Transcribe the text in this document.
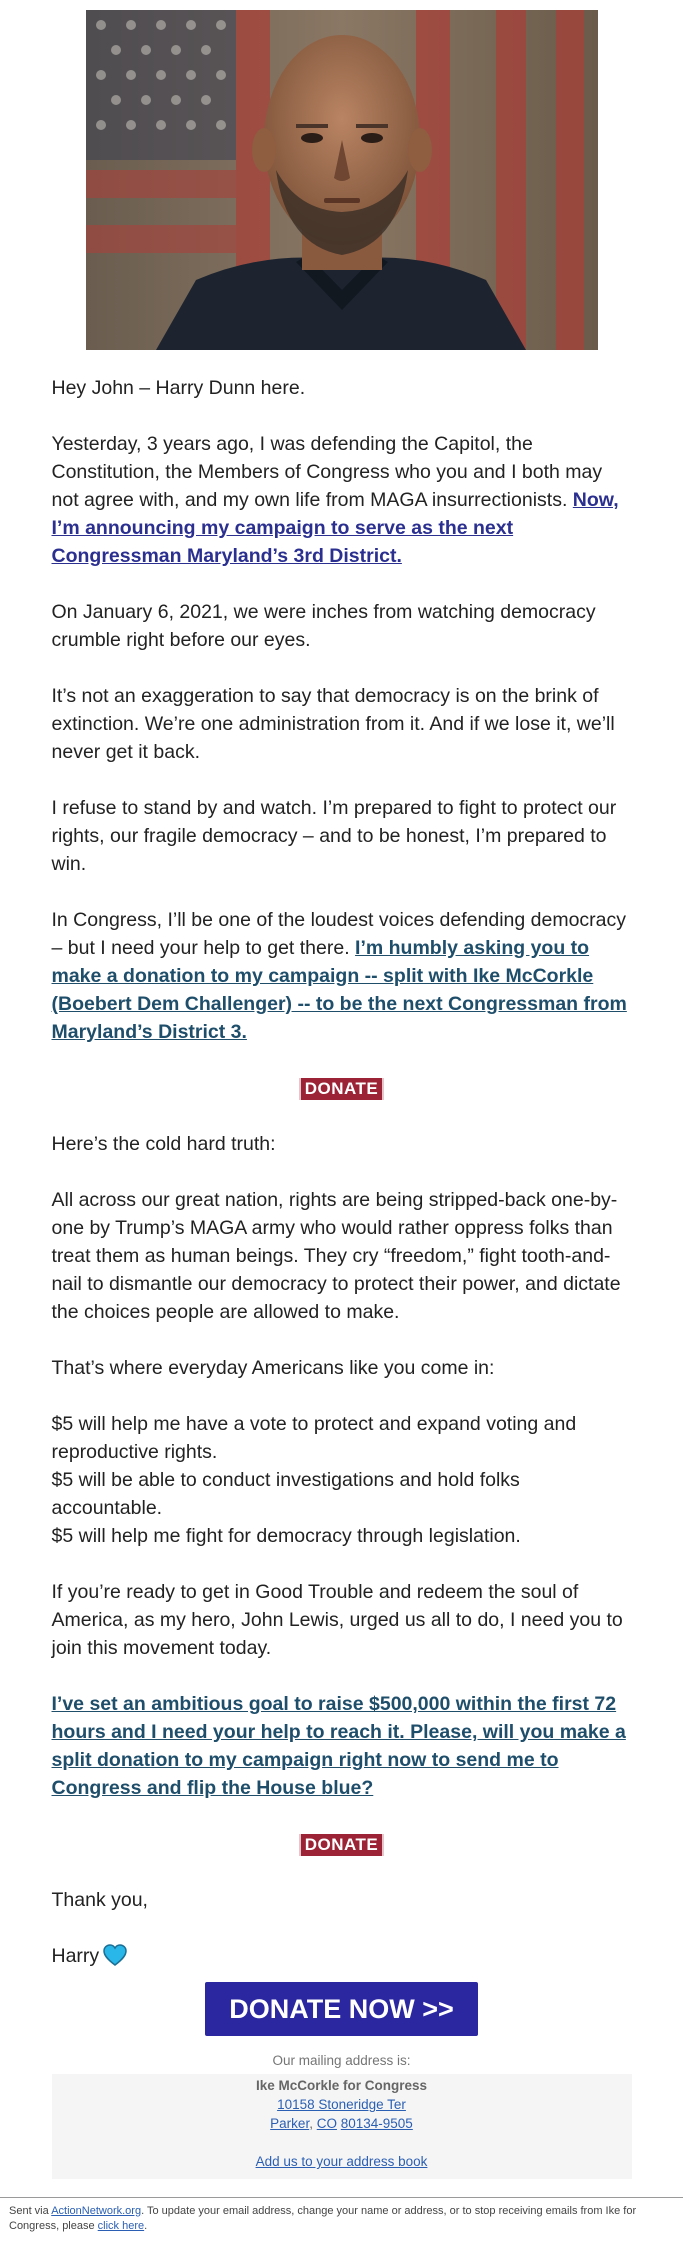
Hey John – Harry Dunn here.

Yesterday, 3 years ago, I was defending the Capitol, the Constitution, the Members of Congress who you and I both may not agree with, and my own life from MAGA insurrectionists. Now, I’m announcing my campaign to serve as the next Congressman Maryland’s 3rd District.

On January 6, 2021, we were inches from watching democracy crumble right before our eyes.

It’s not an exaggeration to say that democracy is on the brink of extinction. We’re one administration from it. And if we lose it, we’ll never get it back.

I refuse to stand by and watch. I’m prepared to fight to protect our rights, our fragile democracy – and to be honest, I’m prepared to win.

In Congress, I’ll be one of the loudest voices defending democracy – but I need your help to get there. I’m humbly asking you to make a donation to my campaign -- split with Ike McCorkle (Boebert Dem Challenger) -- to be the next Congressman from Maryland’s District 3.

DONATE

Here’s the cold hard truth:

All across our great nation, rights are being stripped-back one-by-one by Trump’s MAGA army who would rather oppress folks than treat them as human beings. They cry “freedom,” fight tooth-and-nail to dismantle our democracy to protect their power, and dictate the choices people are allowed to make.

That’s where everyday Americans like you come in:

$5 will help me have a vote to protect and expand voting and reproductive rights.
$5 will be able to conduct investigations and hold folks accountable.
$5 will help me fight for democracy through legislation.

If you’re ready to get in Good Trouble and redeem the soul of America, as my hero, John Lewis, urged us all to do, I need you to join this movement today.

I’ve set an ambitious goal to raise $500,000 within the first 72 hours and I need your help to reach it. Please, will you make a split donation to my campaign right now to send me to Congress and flip the House blue?

DONATE

Thank you,

Harry

DONATE NOW >>
Our mailing address is:
Ike McCorkle for Congress
10158 Stoneridge Ter
Parker, CO 80134-9505
Add us to your address book
Sent via ActionNetwork.org. To update your email address, change your name or address, or to stop receiving emails from Ike for Congress, please click here.
